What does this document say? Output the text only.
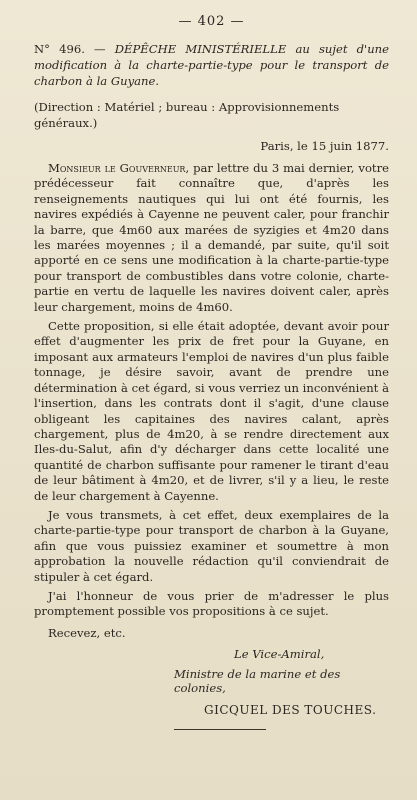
— 402 —
N° 496. — DÉPÊCHE MINISTÉRIELLE au sujet d'une modification à la charte-partie-type pour le transport de charbon à la Guyane.
(Direction : Matériel ; bureau : Approvisionnements généraux.)
Paris, le 15 juin 1877.

Monsieur le Gouverneur, par lettre du 3 mai dernier, votre prédécesseur fait connaître que, d'après les renseignements nautiques qui lui ont été fournis, les navires expédiés à Cayenne ne peuvent caler, pour franchir la barre, que 4m60 aux marées de syzigies et 4m20 dans les marées moyennes ; il a demandé, par suite, qu'il soit apporté en ce sens une modification à la charte-partie-type pour transport de combustibles dans votre colonie, charte-partie en vertu de laquelle les navires doivent caler, après leur chargement, moins de 4m60.

Cette proposition, si elle était adoptée, devant avoir pour effet d'augmenter les prix de fret pour la Guyane, en imposant aux armateurs l'emploi de navires d'un plus faible tonnage, je désire savoir, avant de prendre une détermination à cet égard, si vous verriez un inconvénient à l'insertion, dans les contrats dont il s'agit, d'une clause obligeant les capitaines des navires calant, après chargement, plus de 4m20, à se rendre directement aux Iles-du-Salut, afin d'y décharger dans cette localité une quantité de charbon suffisante pour ramener le tirant d'eau de leur bâtiment à 4m20, et de livrer, s'il y a lieu, le reste de leur chargement à Cayenne.

Je vous transmets, à cet effet, deux exemplaires de la charte-partie-type pour transport de charbon à la Guyane, afin que vous puissiez examiner et soumettre à mon approbation la nouvelle rédaction qu'il conviendrait de stipuler à cet égard.

J'ai l'honneur de vous prier de m'adresser le plus promptement possible vos propositions à ce sujet.

Recevez, etc.
Le Vice-Amiral,
Ministre de la marine et des colonies,
GICQUEL DES TOUCHES.
